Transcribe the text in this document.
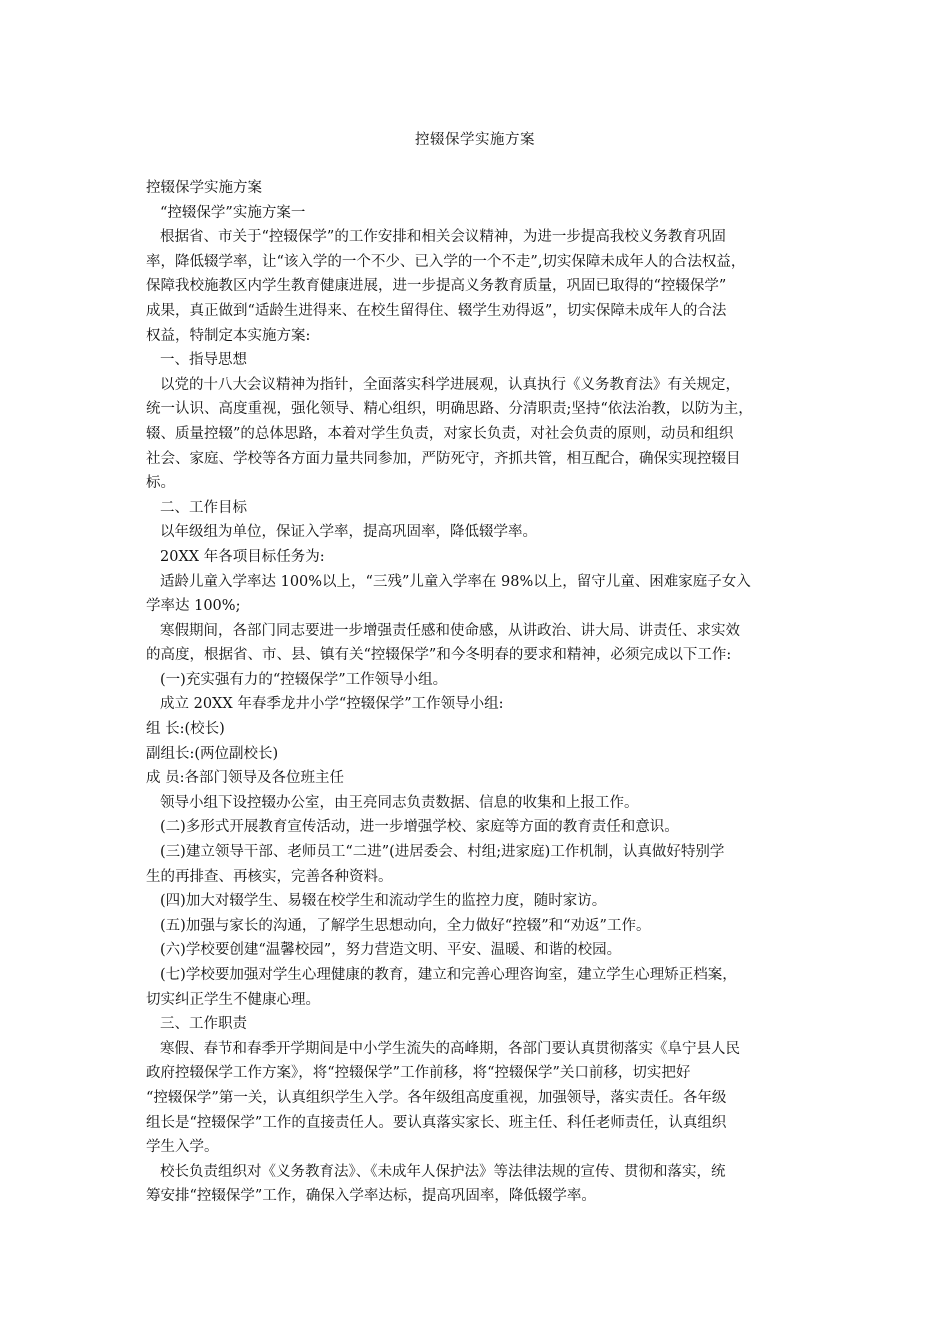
控辍保学实施方案
控辍保学实施方案
“控辍保学”实施方案一
根据省、市关于“控辍保学”的工作安排和相关会议精神，为进一步提高我校义务教育巩固
率，降低辍学率，让“该入学的一个不少、已入学的一个不走”,切实保障未成年人的合法权益，
保障我校施教区内学生教育健康进展，进一步提高义务教育质量，巩固已取得的“控辍保学”
成果，真正做到“适龄生进得来、在校生留得住、辍学生劝得返”，切实保障未成年人的合法
权益，特制定本实施方案:
一、指导思想
以党的十八大会议精神为指针，全面落实科学进展观，认真执行《义务教育法》有关规定，
统一认识、高度重视，强化领导、精心组织，明确思路、分清职责;坚持“依法治教，以防为主，
辍、质量控辍”的总体思路，本着对学生负责，对家长负责，对社会负责的原则，动员和组织
社会、家庭、学校等各方面力量共同参加，严防死守，齐抓共管，相互配合，确保实现控辍目
标。
二、工作目标
以年级组为单位，保证入学率，提高巩固率，降低辍学率。
20XX 年各项目标任务为:
适龄儿童入学率达 100%以上，“三残”儿童入学率在 98%以上，留守儿童、困难家庭子女入
学率达 100%;
寒假期间，各部门同志要进一步增强责任感和使命感，从讲政治、讲大局、讲责任、求实效
的高度，根据省、市、县、镇有关“控辍保学”和今冬明春的要求和精神，必须完成以下工作:
(一)充实强有力的“控辍保学”工作领导小组。
成立 20XX 年春季龙井小学“控辍保学”工作领导小组:
组 长:(校长)
副组长:(两位副校长)
成 员:各部门领导及各位班主任
领导小组下设控辍办公室，由王亮同志负责数据、信息的收集和上报工作。
(二)多形式开展教育宣传活动，进一步增强学校、家庭等方面的教育责任和意识。
(三)建立领导干部、老师员工“二进”(进居委会、村组;进家庭)工作机制，认真做好特别学
生的再排查、再核实，完善各种资料。
(四)加大对辍学生、易辍在校学生和流动学生的监控力度，随时家访。
(五)加强与家长的沟通，了解学生思想动向，全力做好“控辍”和“劝返”工作。
(六)学校要创建“温馨校园”，努力营造文明、平安、温暖、和谐的校园。
(七)学校要加强对学生心理健康的教育，建立和完善心理咨询室，建立学生心理矫正档案，
切实纠正学生不健康心理。
三、工作职责
寒假、春节和春季开学期间是中小学生流失的高峰期，各部门要认真贯彻落实《阜宁县人民
政府控辍保学工作方案》，将“控辍保学”工作前移，将“控辍保学”关口前移，切实把好
“控辍保学”第一关，认真组织学生入学。各年级组高度重视，加强领导，落实责任。各年级
组长是“控辍保学”工作的直接责任人。要认真落实家长、班主任、科任老师责任，认真组织
学生入学。
校长负责组织对《义务教育法》、《未成年人保护法》等法律法规的宣传、贯彻和落实，统
筹安排“控辍保学”工作，确保入学率达标，提高巩固率，降低辍学率。
